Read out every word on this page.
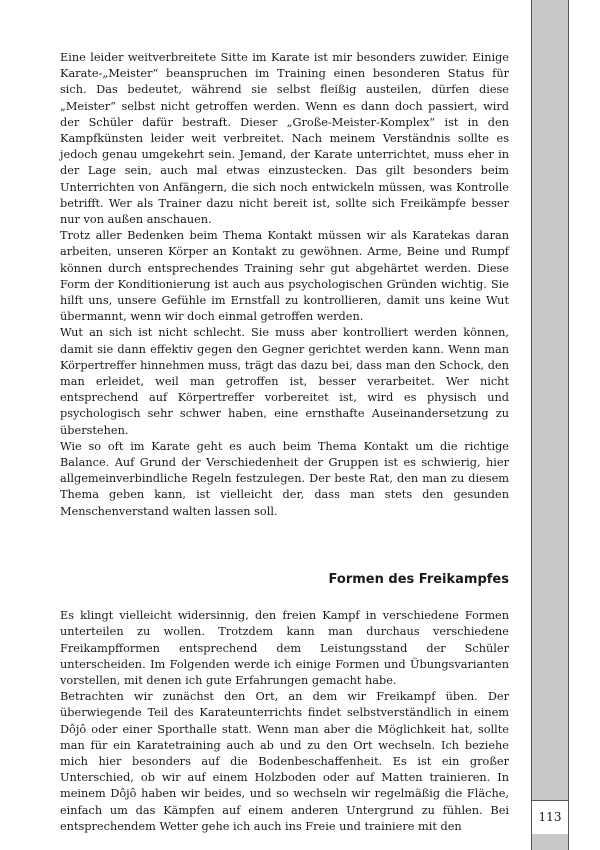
113

Eine leider weitverbreitete Sitte im Karate ist mir besonders zuwider. Einige Karate-„Meister“ beanspruchen im Training einen besonderen Status für sich. Das bedeutet, während sie selbst fleißig austeilen, dürfen diese „Meister“ selbst nicht getroffen werden. Wenn es dann doch passiert, wird der Schüler dafür bestraft. Dieser „Große-Meister-Komplex“ ist in den Kampfkünsten leider weit verbreitet. Nach meinem Verständnis sollte es jedoch genau umgekehrt sein. Jemand, der Karate unterrichtet, muss eher in der Lage sein, auch mal etwas einzustecken. Das gilt besonders beim Unterrichten von Anfängern, die sich noch entwickeln müssen, was Kontrolle betrifft. Wer als Trainer dazu nicht bereit ist, sollte sich Freikämpfe besser nur von außen anschauen.

Trotz aller Bedenken beim Thema Kontakt müssen wir als Karatekas daran arbeiten, unseren Körper an Kontakt zu gewöhnen. Arme, Beine und Rumpf können durch entsprechendes Training sehr gut abgehärtet werden. Diese Form der Konditionierung ist auch aus psychologischen Gründen wichtig. Sie hilft uns, unsere Gefühle im Ernstfall zu kontrollieren, damit uns keine Wut übermannt, wenn wir doch einmal getroffen werden.

Wut an sich ist nicht schlecht. Sie muss aber kontrolliert werden können, damit sie dann effektiv gegen den Gegner gerichtet werden kann. Wenn man Körpertreffer hinnehmen muss, trägt das dazu bei, dass man den Schock, den man erleidet, weil man getroffen ist, besser verarbeitet. Wer nicht entsprechend auf Körpertreffer vorbereitet ist, wird es physisch und psychologisch sehr schwer haben, eine ernsthafte Auseinandersetzung zu überstehen.

Wie so oft im Karate geht es auch beim Thema Kontakt um die richtige Balance. Auf Grund der Verschiedenheit der Gruppen ist es schwierig, hier allgemeinverbindliche Regeln festzulegen. Der beste Rat, den man zu diesem Thema geben kann, ist vielleicht der, dass man stets den gesunden Menschenverstand walten lassen soll.

Formen des Freikampfes

Es klingt vielleicht widersinnig, den freien Kampf in verschiedene Formen unterteilen zu wollen. Trotzdem kann man durchaus verschiedene Freikampfformen entsprechend dem Leistungsstand der Schüler unterscheiden. Im Folgenden werde ich einige Formen und Übungsvarianten vorstellen, mit denen ich gute Erfahrungen gemacht habe.

Betrachten wir zunächst den Ort, an dem wir Freikampf üben. Der überwiegende Teil des Karateunterrichts findet selbstverständlich in einem Dôjô oder einer Sporthalle statt. Wenn man aber die Möglichkeit hat, sollte man für ein Karatetraining auch ab und zu den Ort wechseln. Ich beziehe mich hier besonders auf die Bodenbeschaffenheit. Es ist ein großer Unterschied, ob wir auf einem Holzboden oder auf Matten trainieren. In meinem Dôjô haben wir beides, und so wechseln wir regelmäßig die Fläche, einfach um das Kämpfen auf einem anderen Untergrund zu fühlen. Bei entsprechendem Wetter gehe ich auch ins Freie und trainiere mit den
